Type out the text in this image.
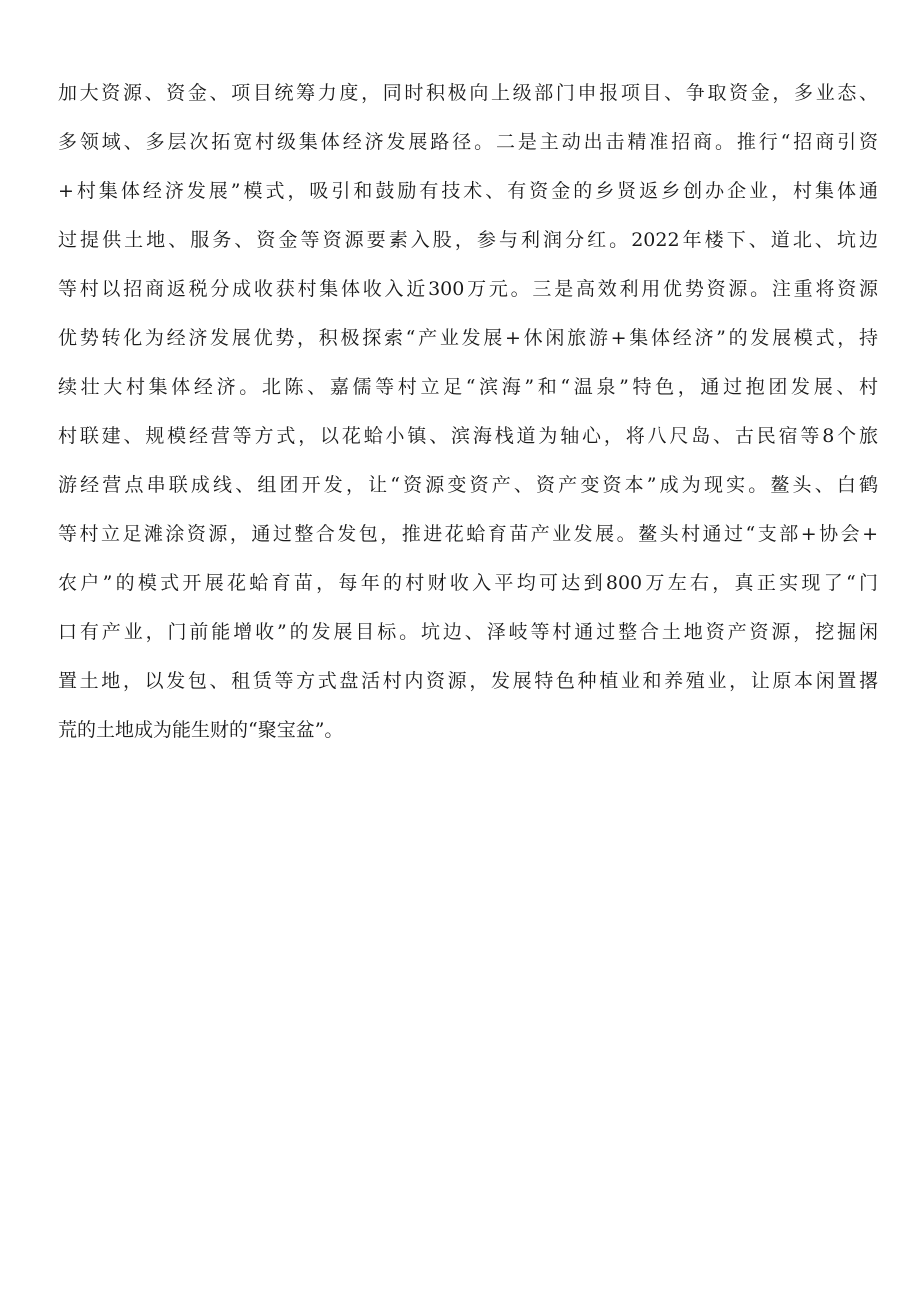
加大资源、资金、项目统筹力度，同时积极向上级部门申报项目、争取资金，多业态、
多领域、多层次拓宽村级集体经济发展路径。二是主动出击精准招商。推行“招商引资
+村集体经济发展”模式，吸引和鼓励有技术、有资金的乡贤返乡创办企业，村集体通
过提供土地、服务、资金等资源要素入股，参与利润分红。2022年楼下、道北、坑边
等村以招商返税分成收获村集体收入近300万元。三是高效利用优势资源。注重将资源
优势转化为经济发展优势，积极探索“产业发展+休闲旅游+集体经济”的发展模式，持
续壮大村集体经济。北陈、嘉儒等村立足“滨海”和“温泉”特色，通过抱团发展、村
村联建、规模经营等方式，以花蛤小镇、滨海栈道为轴心，将八尺岛、古民宿等8个旅
游经营点串联成线、组团开发，让“资源变资产、资产变资本”成为现实。鳌头、白鹤
等村立足滩涂资源，通过整合发包，推进花蛤育苗产业发展。鳌头村通过“支部+协会+
农户”的模式开展花蛤育苗，每年的村财收入平均可达到800万左右，真正实现了“门
口有产业，门前能增收”的发展目标。坑边、泽岐等村通过整合土地资产资源，挖掘闲
置土地，以发包、租赁等方式盘活村内资源，发展特色种植业和养殖业，让原本闲置撂
荒的土地成为能生财的“聚宝盆”。
